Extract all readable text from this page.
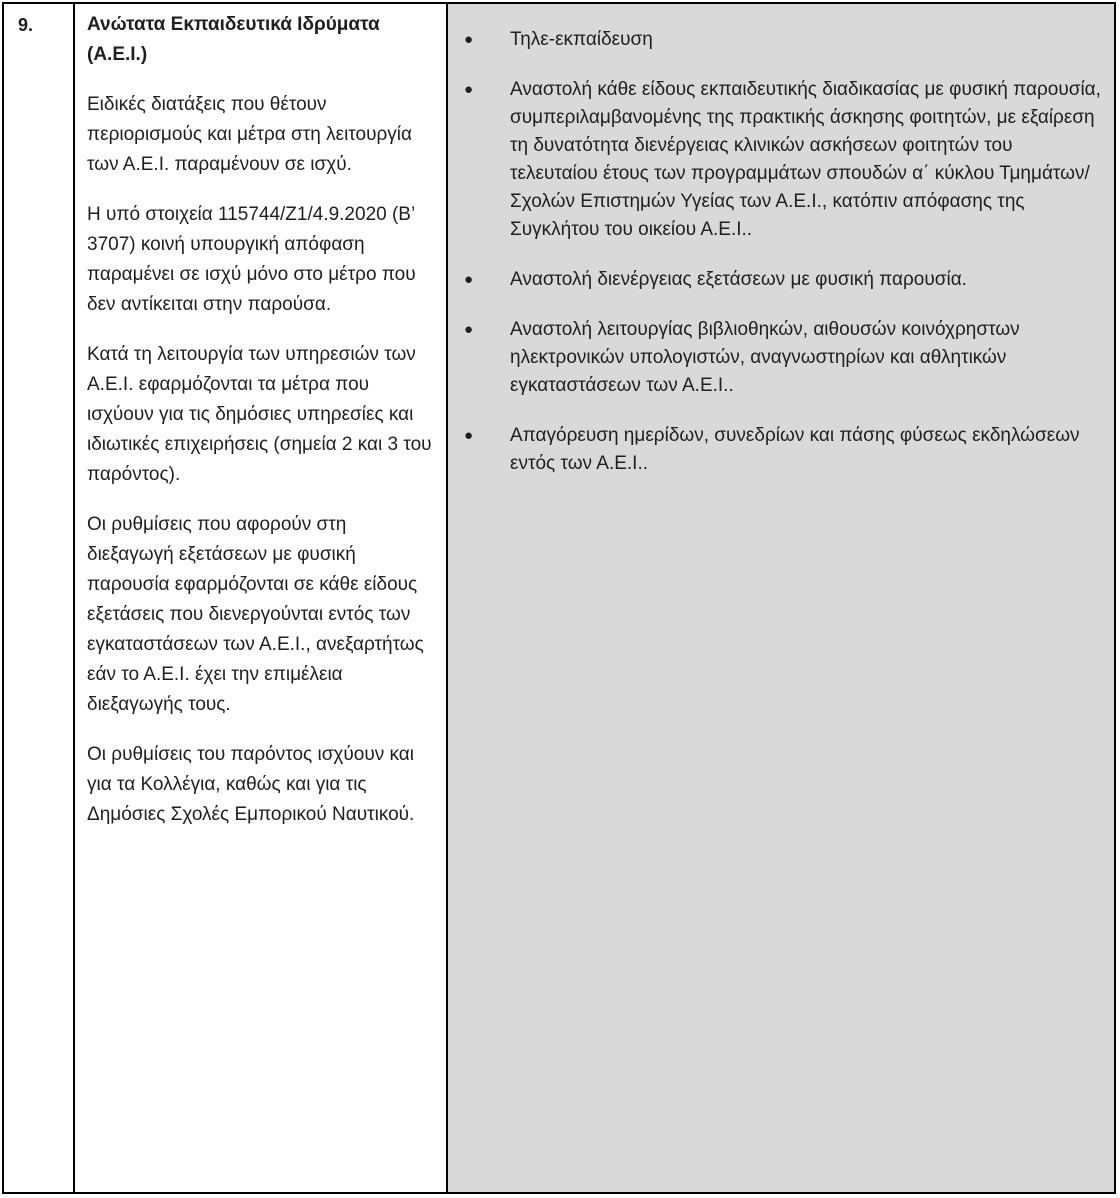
9.	Ανώτατα Εκπαιδευτικά Ιδρύματα (Α.Ε.Ι.)

Ειδικές διατάξεις που θέτουν περιορισμούς και μέτρα στη λειτουργία των Α.Ε.Ι. παραμένουν σε ισχύ.

Η υπό στοιχεία 115744/Ζ1/4.9.2020 (Β’ 3707) κοινή υπουργική απόφαση παραμένει σε ισχύ μόνο στο μέτρο που δεν αντίκειται στην παρούσα.

Κατά τη λειτουργία των υπηρεσιών των Α.Ε.Ι. εφαρμόζονται τα μέτρα που ισχύουν για τις δημόσιες υπηρεσίες και ιδιωτικές επιχειρήσεις (σημεία 2 και 3 του παρόντος).

Οι ρυθμίσεις που αφορούν στη διεξαγωγή εξετάσεων με φυσική παρουσία εφαρμόζονται σε κάθε είδους εξετάσεις που διενεργούνται εντός των εγκαταστάσεων των Α.Ε.Ι., ανεξαρτήτως εάν το Α.Ε.Ι. έχει την επιμέλεια διεξαγωγής τους.

Οι ρυθμίσεις του παρόντος ισχύουν και για τα Κολλέγια, καθώς και για τις Δημόσιες Σχολές Εμπορικού Ναυτικού.

● Τηλε-εκπαίδευση
● Αναστολή κάθε είδους εκπαιδευτικής διαδικασίας με φυσική παρουσία, συμπεριλαμβανομένης της πρακτικής άσκησης φοιτητών, με εξαίρεση τη δυνατότητα διενέργειας κλινικών ασκήσεων φοιτητών του τελευταίου έτους των προγραμμάτων σπουδών α΄ κύκλου Τμημάτων/Σχολών Επιστημών Υγείας των Α.Ε.Ι., κατόπιν απόφασης της Συγκλήτου του οικείου Α.Ε.Ι..
● Αναστολή διενέργειας εξετάσεων με φυσική παρουσία.
● Αναστολή λειτουργίας βιβλιοθηκών, αιθουσών κοινόχρηστων ηλεκτρονικών υπολογιστών, αναγνωστηρίων και αθλητικών εγκαταστάσεων των Α.Ε.Ι..
● Απαγόρευση ημερίδων, συνεδρίων και πάσης φύσεως εκδηλώσεων εντός των Α.Ε.Ι..
